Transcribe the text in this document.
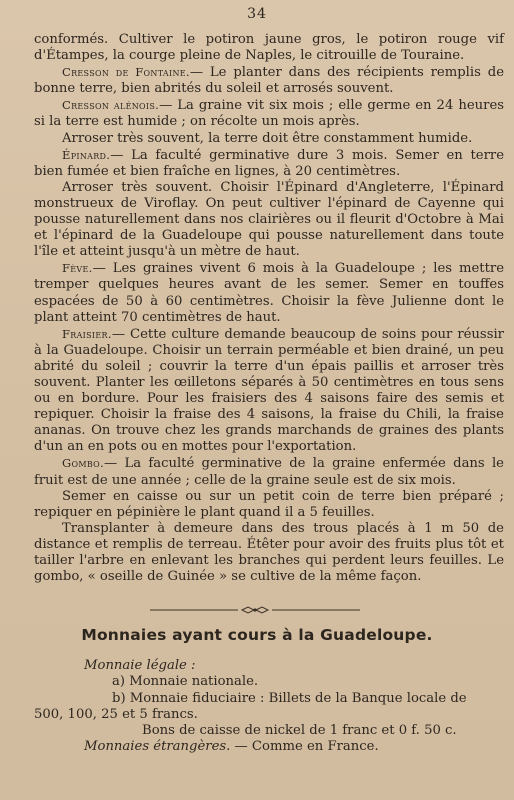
34

conformés. Cultiver le potiron jaune gros, le potiron rouge vif d'Étampes, la courge pleine de Naples, le citrouille de Touraine.

Cresson de Fontaine.— Le planter dans des récipients remplis de bonne terre, bien abrités du soleil et arrosés souvent.

Cresson alénois.— La graine vit six mois ; elle germe en 24 heures si la terre est humide ; on récolte un mois après.

Arroser très souvent, la terre doit être constamment humide.

Épinard.— La faculté germinative dure 3 mois. Semer en terre bien fumée et bien fraîche en lignes, à 20 centimètres.

Arroser très souvent. Choisir l'Épinard d'Angleterre, l'Épinard monstrueux de Viroflay. On peut cultiver l'épinard de Cayenne qui pousse naturellement dans nos clairières ou il fleurit d'Octobre à Mai et l'épinard de la Guadeloupe qui pousse naturellement dans toute l'île et atteint jusqu'à un mètre de haut.

Fève.— Les graines vivent 6 mois à la Guadeloupe ; les mettre tremper quelques heures avant de les semer. Semer en touffes espacées de 50 à 60 centimètres. Choisir la fève Julienne dont le plant atteint 70 centimètres de haut.

Fraisier.— Cette culture demande beaucoup de soins pour réussir à la Guadeloupe. Choisir un terrain perméable et bien drainé, un peu abrité du soleil ; couvrir la terre d'un épais paillis et arroser très souvent. Planter les œilletons séparés à 50 centimètres en tous sens ou en bordure. Pour les fraisiers des 4 saisons faire des semis et repiquer. Choisir la fraise des 4 saisons, la fraise du Chili, la fraise ananas. On trouve chez les grands marchands de graines des plants d'un an en pots ou en mottes pour l'exportation.

Gombo.— La faculté germinative de la graine enfermée dans le fruit est de une année ; celle de la graine seule est de six mois.

Semer en caisse ou sur un petit coin de terre bien préparé ; repiquer en pépinière le plant quand il a 5 feuilles.

Transplanter à demeure dans des trous placés à 1 m 50 de distance et remplis de terreau. Étêter pour avoir des fruits plus tôt et tailler l'arbre en enlevant les branches qui perdent leurs feuilles. Le gombo, « oseille de Guinée » se cultive de la même façon.

Monnaies ayant cours à la Guadeloupe.
Monnaie légale :
a) Monnaie nationale.
b) Monnaie fiduciaire : Billets de la Banque locale de
500, 100, 25 et 5 francs.
Bons de caisse de nickel de 1 franc et 0 f. 50 c.
Monnaies étrangères. — Comme en France.
